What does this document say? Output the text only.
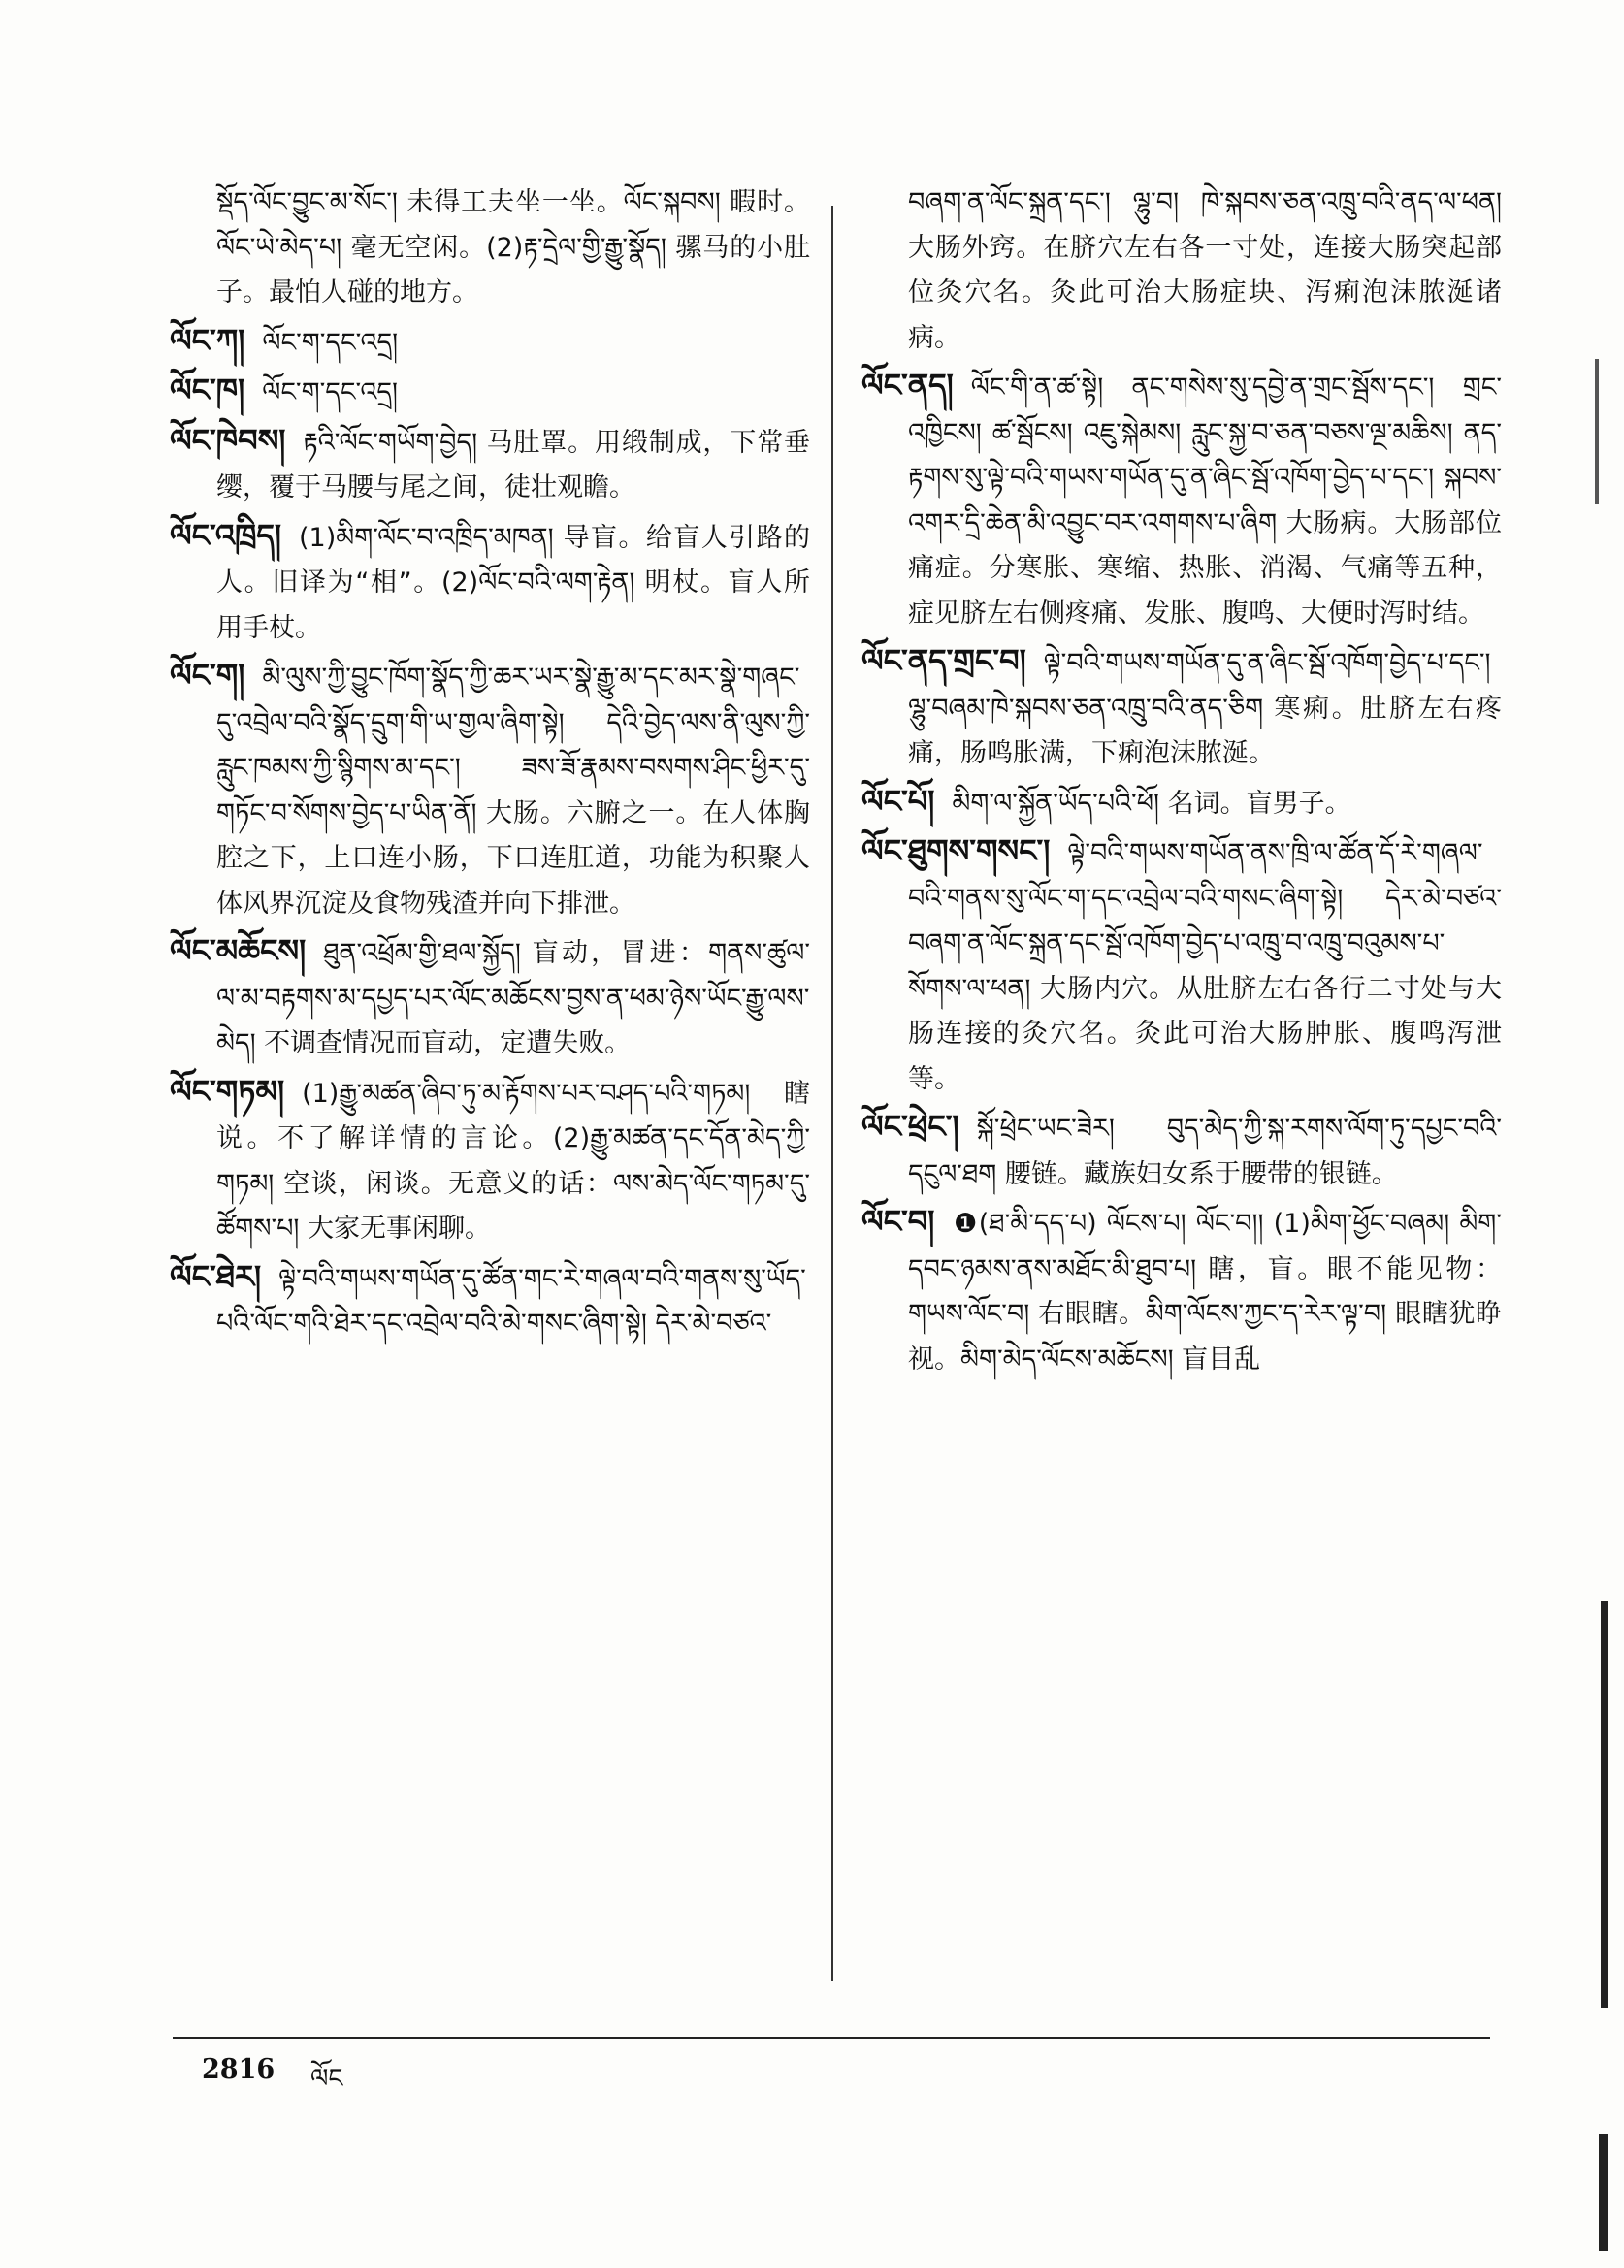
སྡོད་ལོང་བྱུང་མ་སོང་། 未得工夫坐一坐。ལོང་སྐབས། 暇时。ལོང་ཡེ་མེད་པ། 毫无空闲。(2)རྟ་དྲེལ་གྱི་རྒྱུ་སྣོད། 骡马的小肚子。最怕人碰的地方。
ལོང་ཀ། ལོང་ག་དང་འདྲ།
ལོང་ཁ། ལོང་ག་དང་འདྲ།
ལོང་ཁེབས། རྟའི་ལོང་གཡོག་བྱེད། 马肚罩。用缎制成，下常垂缨，覆于马腰与尾之间，徒壮观瞻。
ལོང་འཁྲིད། (1)མིག་ལོང་བ་འཁྲིད་མཁན། 导盲。给盲人引路的人。旧译为“相”。(2)ལོང་བའི་ལག་རྟེན། 明杖。盲人所用手杖。
ལོང་ག། མི་ལུས་ཀྱི་བྱུང་ཁོག་སྣོད་ཀྱི་ཆར་ཡར་སྣེ་རྒྱུ་མ་དང་མར་སྣེ་གཞང་དུ་འབྲེལ་བའི་སྣོད་དྲུག་གི་ཡ་གྱལ་ཞིག་སྟེ། དེའི་བྱེད་ལས་ནི་ལུས་ཀྱི་རླུང་ཁམས་ཀྱི་སྙིགས་མ་དང་། ཟས་ཟོ་རྣམས་བསགས་ཤིང་ཕྱིར་དུ་གཏོང་བ་སོགས་བྱེད་པ་ཡིན་ནོ། 大肠。六腑之一。在人体胸腔之下，上口连小肠，下口连肛道，功能为积聚人体风界沉淀及食物残渣并向下排泄。
ལོང་མཆོངས། ཐུན་འཕྲོམ་གྱི་ཐལ་སྐྱོད། 盲动，冒进：གནས་ཚུལ་ལ་མ་བརྟགས་མ་དཔྱད་པར་ལོང་མཆོངས་བྱས་ན་ཕམ་ཉེས་ཡོང་རྒྱུ་ལས་མེད། 不调查情况而盲动，定遭失败。
ལོང་གཏམ། (1)རྒྱུ་མཚན་ཞིབ་ཏུ་མ་རྟོགས་པར་བཤད་པའི་གཏམ། 瞎说。不了解详情的言论。(2)རྒྱུ་མཚན་དང་དོན་མེད་ཀྱི་གཏམ། 空谈，闲谈。无意义的话：ལས་མེད་ལོང་གཏམ་དུ་ཚོགས་པ། 大家无事闲聊。
ལོང་ཐེར། ལྟེ་བའི་གཡས་གཡོན་དུ་ཚོན་གང་རེ་གཞལ་བའི་གནས་སུ་ཡོད་པའི་ལོང་གའི་ཐེར་དང་འབྲེལ་བའི་མེ་གསང་ཞིག་སྟེ། དེར་མེ་བཙའ་
བཞག་ན་ལོང་སྐྲན་དང་། ལྷུ་བ། ཁེ་སྐབས་ཅན་འཁྲུ་བའི་ནད་ལ་ཕན། 大肠外窍。在脐穴左右各一寸处，连接大肠突起部位灸穴名。灸此可治大肠症块、泻痢泡沫脓涎诸病。
ལོང་ནད། ལོང་གི་ན་ཚ་སྟེ། ནང་གསེས་སུ་དབྱེ་ན་གྲང་སྦོས་དང་། གྲང་འཁྱིངས། ཚ་སྦོངས། འཇུ་སྐེམས། རླུང་སྐྱ་བ་ཅན་བཅས་ལྔ་མཆིས། ནད་རྟགས་སུ་ལྟེ་བའི་གཡས་གཡོན་དུ་ན་ཞིང་སྦོ་འཁོག་བྱེད་པ་དང་། སྐབས་འགར་དྲི་ཆེན་མི་འབྱུང་བར་འགགས་པ་ཞིག 大肠病。大肠部位痛症。分寒胀、寒缩、热胀、消渴、气痛等五种，症见脐左右侧疼痛、发胀、腹鸣、大便时泻时结。
ལོང་ནད་གྲང་བ། ལྟེ་བའི་གཡས་གཡོན་དུ་ན་ཞིང་སྦོ་འཁོག་བྱེད་པ་དང་། ལྷུ་བཞམ་ཁེ་སྐབས་ཅན་འཁྲུ་བའི་ནད་ཅིག 寒痢。肚脐左右疼痛，肠鸣胀满，下痢泡沫脓涎。
ལོང་པོ། མིག་ལ་སྐྱོན་ཡོད་པའི་ཕོ། 名词。盲男子。
ལོང་ཐུགས་གསང་། ལྟེ་བའི་གཡས་གཡོན་ནས་ཁྲི་ལ་ཚོན་དོ་རེ་གཞལ་བའི་གནས་སུ་ལོང་ག་དང་འབྲེལ་བའི་གསང་ཞིག་སྟེ། དེར་མེ་བཙའ་བཞག་ན་ལོང་སྐྲན་དང་སྦོ་འཁོག་བྱེད་པ་འཁྲུ་བ་འཁྲུ་བའུམས་པ་སོགས་ལ་ཕན། 大肠内穴。从肚脐左右各行二寸处与大肠连接的灸穴名。灸此可治大肠肿胀、腹鸣泻泄等。
ལོང་ཕྲེང་། སྐོ་ཕྲེང་ཡང་ཟེར། བུད་མེད་ཀྱི་སྐ་རགས་ལོག་ཏུ་དཔྱང་བའི་དངུལ་ཐག 腰链。藏族妇女系于腰带的银链。
ལོང་བ། ❶(ཐ་མི་དད་པ) ལོངས་པ། ལོང་བ།། (1)མིག་ཕྱོང་བཞམ། མིག་དབང་ཉམས་ནས་མཐོང་མི་ཐུབ་པ། 瞎，盲。眼不能见物：གཡས་ལོང་བ། 右眼瞎。མིག་ལོངས་ཀྱང་ད་རེར་ལྟ་བ། 眼瞎犹睁视。མིག་མེད་ལོངས་མཆོངས། 盲目乱
2816 ལོང
